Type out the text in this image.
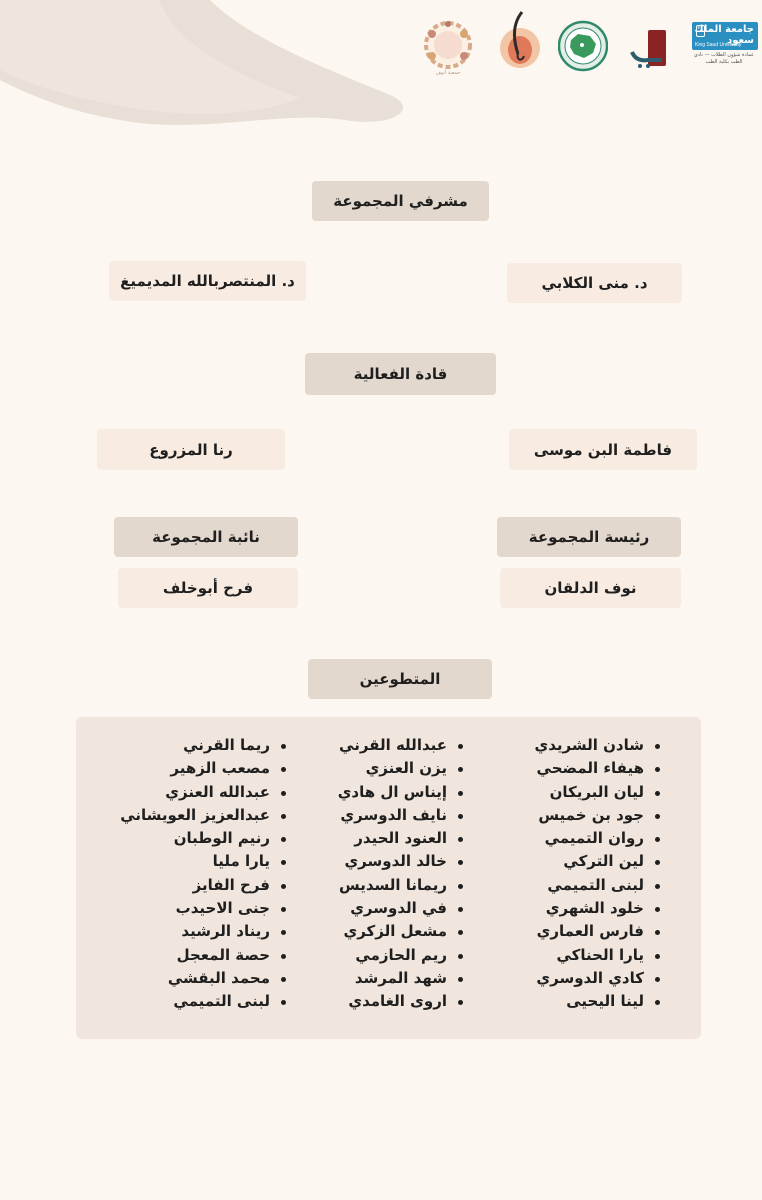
جامعة الملك سعود
King Saud University
عمادة شؤون الطلاب — نادي الطب بكلية الطب
جمعية أنوف
مشرفي المجموعة
د. منى الكلابي
د. المنتصربالله المديميغ
قادة الفعالية
فاطمة البن موسى
رنا المزروع
رئيسة المجموعة
نوف الدلقان
نائبة المجموعة
فرح أبوخلف
المتطوعين
شادن الشريدي
هيفاء المضحي
ليان البريكان
جود بن خميس
روان التميمي
لين التركي
لبنى التميمي
خلود الشهري
فارس العماري
يارا الحناكي
كادي الدوسري
لينا اليحيى
عبدالله القرني
يزن العنزي
إيناس ال هادي
نايف الدوسري
العنود الحيدر
خالد الدوسري
ريمانا السديس
في الدوسري
مشعل الزكري
ريم الحازمي
شهد المرشد
اروى الغامدي
ريما القرني
مصعب الزهير
عبدالله العنزي
عبدالعزيز العويشاني
رنيم الوطبان
يارا مليا
فرح الفايز
جنى الاحيدب
ريناد الرشيد
حصة المعجل
محمد البقشي
لبنى التميمي
